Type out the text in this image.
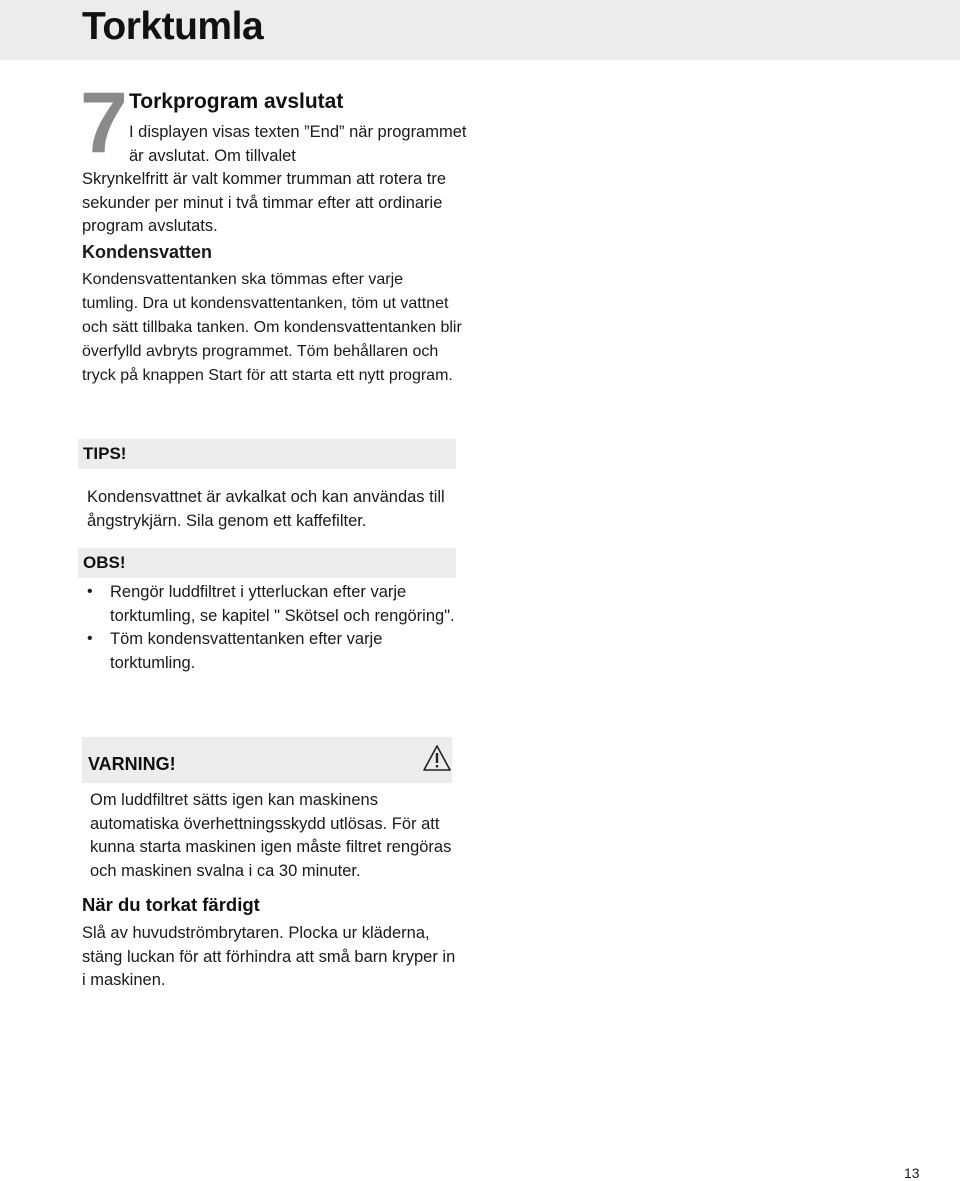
Torktumla
7 Torkprogram avslutat

I displayen visas texten ”End” när programmet är avslutat. Om tillvalet

Skrynkelfritt är valt kommer trumman att rotera tre sekunder per minut i två timmar efter att ordinarie program avslutats.

Kondensvatten

Kondensvattentanken ska tömmas efter varje tumling. Dra ut kondensvattentanken, töm ut vattnet och sätt tillbaka tanken. Om kondensvattentanken blir överfylld avbryts programmet. Töm behållaren och tryck på knappen Start för att starta ett nytt program.

TIPS!

Kondensvattnet är avkalkat och kan användas till ångstrykjärn. Sila genom ett kaffefilter.

OBS!
• Rengör luddfiltret i ytterluckan efter varje torktumling, se kapitel " Skötsel och rengöring".
• Töm kondensvattentanken efter varje torktumling.
VARNING!

Om luddfiltret sätts igen kan maskinens automatiska överhettningsskydd utlösas. För att kunna starta maskinen igen måste filtret rengöras och maskinen svalna i ca 30 minuter.

När du torkat färdigt

Slå av huvudströmbrytaren. Plocka ur kläderna, stäng luckan för att förhindra att små barn kryper in i maskinen.

13
